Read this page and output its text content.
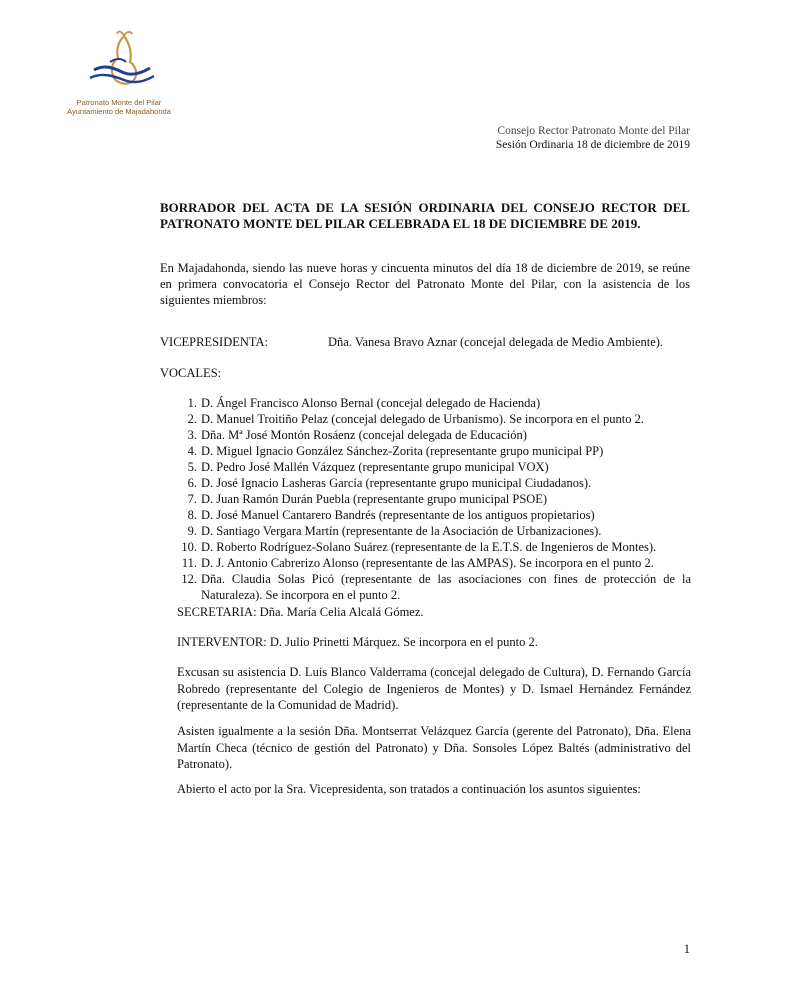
Patronato Monte del Pilar
Ayuntamiento de Majadahonda
Consejo Rector Patronato Monte del Pilar
Sesión Ordinaria 18 de diciembre de 2019
BORRADOR DEL ACTA DE LA SESIÓN ORDINARIA DEL CONSEJO RECTOR DEL PATRONATO MONTE DEL PILAR CELEBRADA EL 18 DE DICIEMBRE DE 2019.
En Majadahonda, siendo las nueve horas y cincuenta minutos del día 18 de diciembre de 2019, se reúne en primera convocatoria el Consejo Rector del Patronato Monte del Pilar, con la asistencia de los siguientes miembros:
VICEPRESIDENTA:	Dña. Vanesa Bravo Aznar (concejal delegada de Medio Ambiente).
VOCALES:
1. D. Ángel Francisco Alonso Bernal (concejal delegado de Hacienda)
2. D. Manuel Troitiño Pelaz (concejal delegado de Urbanismo). Se incorpora en el punto 2.
3. Dña. Mª José Montón Rosáenz (concejal delegada de Educación)
4. D. Miguel Ignacio González Sánchez-Zorita (representante grupo municipal PP)
5. D. Pedro José Mallén Vázquez (representante grupo municipal VOX)
6. D. José Ignacio Lasheras García (representante grupo municipal Ciudadanos).
7. D. Juan Ramón Durán Puebla (representante grupo municipal PSOE)
8. D. José Manuel Cantarero Bandrés (representante de los antiguos propietarios)
9. D. Santiago Vergara Martín (representante de la Asociación de Urbanizaciones).
10. D. Roberto Rodríguez-Solano Suárez (representante de la E.T.S. de Ingenieros de Montes).
11. D. J. Antonio Cabrerizo Alonso (representante de las AMPAS). Se incorpora en el punto 2.
12. Dña. Claudia Solas Picó (representante de las asociaciones con fines de protección de la Naturaleza). Se incorpora en el punto 2.
SECRETARIA: Dña. María Celia Alcalá Gómez.
INTERVENTOR: D. Julio Prinetti Márquez. Se incorpora en el punto 2.
Excusan su asistencia D. Luis Blanco Valderrama (concejal delegado de Cultura), D. Fernando García Robredo (representante del Colegio de Ingenieros de Montes) y D. Ismael Hernández Fernández (representante de la Comunidad de Madrid).
Asisten igualmente a la sesión Dña. Montserrat Velázquez García (gerente del Patronato), Dña. Elena Martín Checa (técnico de gestión del Patronato) y Dña. Sonsoles López Baltés (administrativo del Patronato).
Abierto el acto por la Sra. Vicepresidenta, son tratados a continuación los asuntos siguientes:
1
